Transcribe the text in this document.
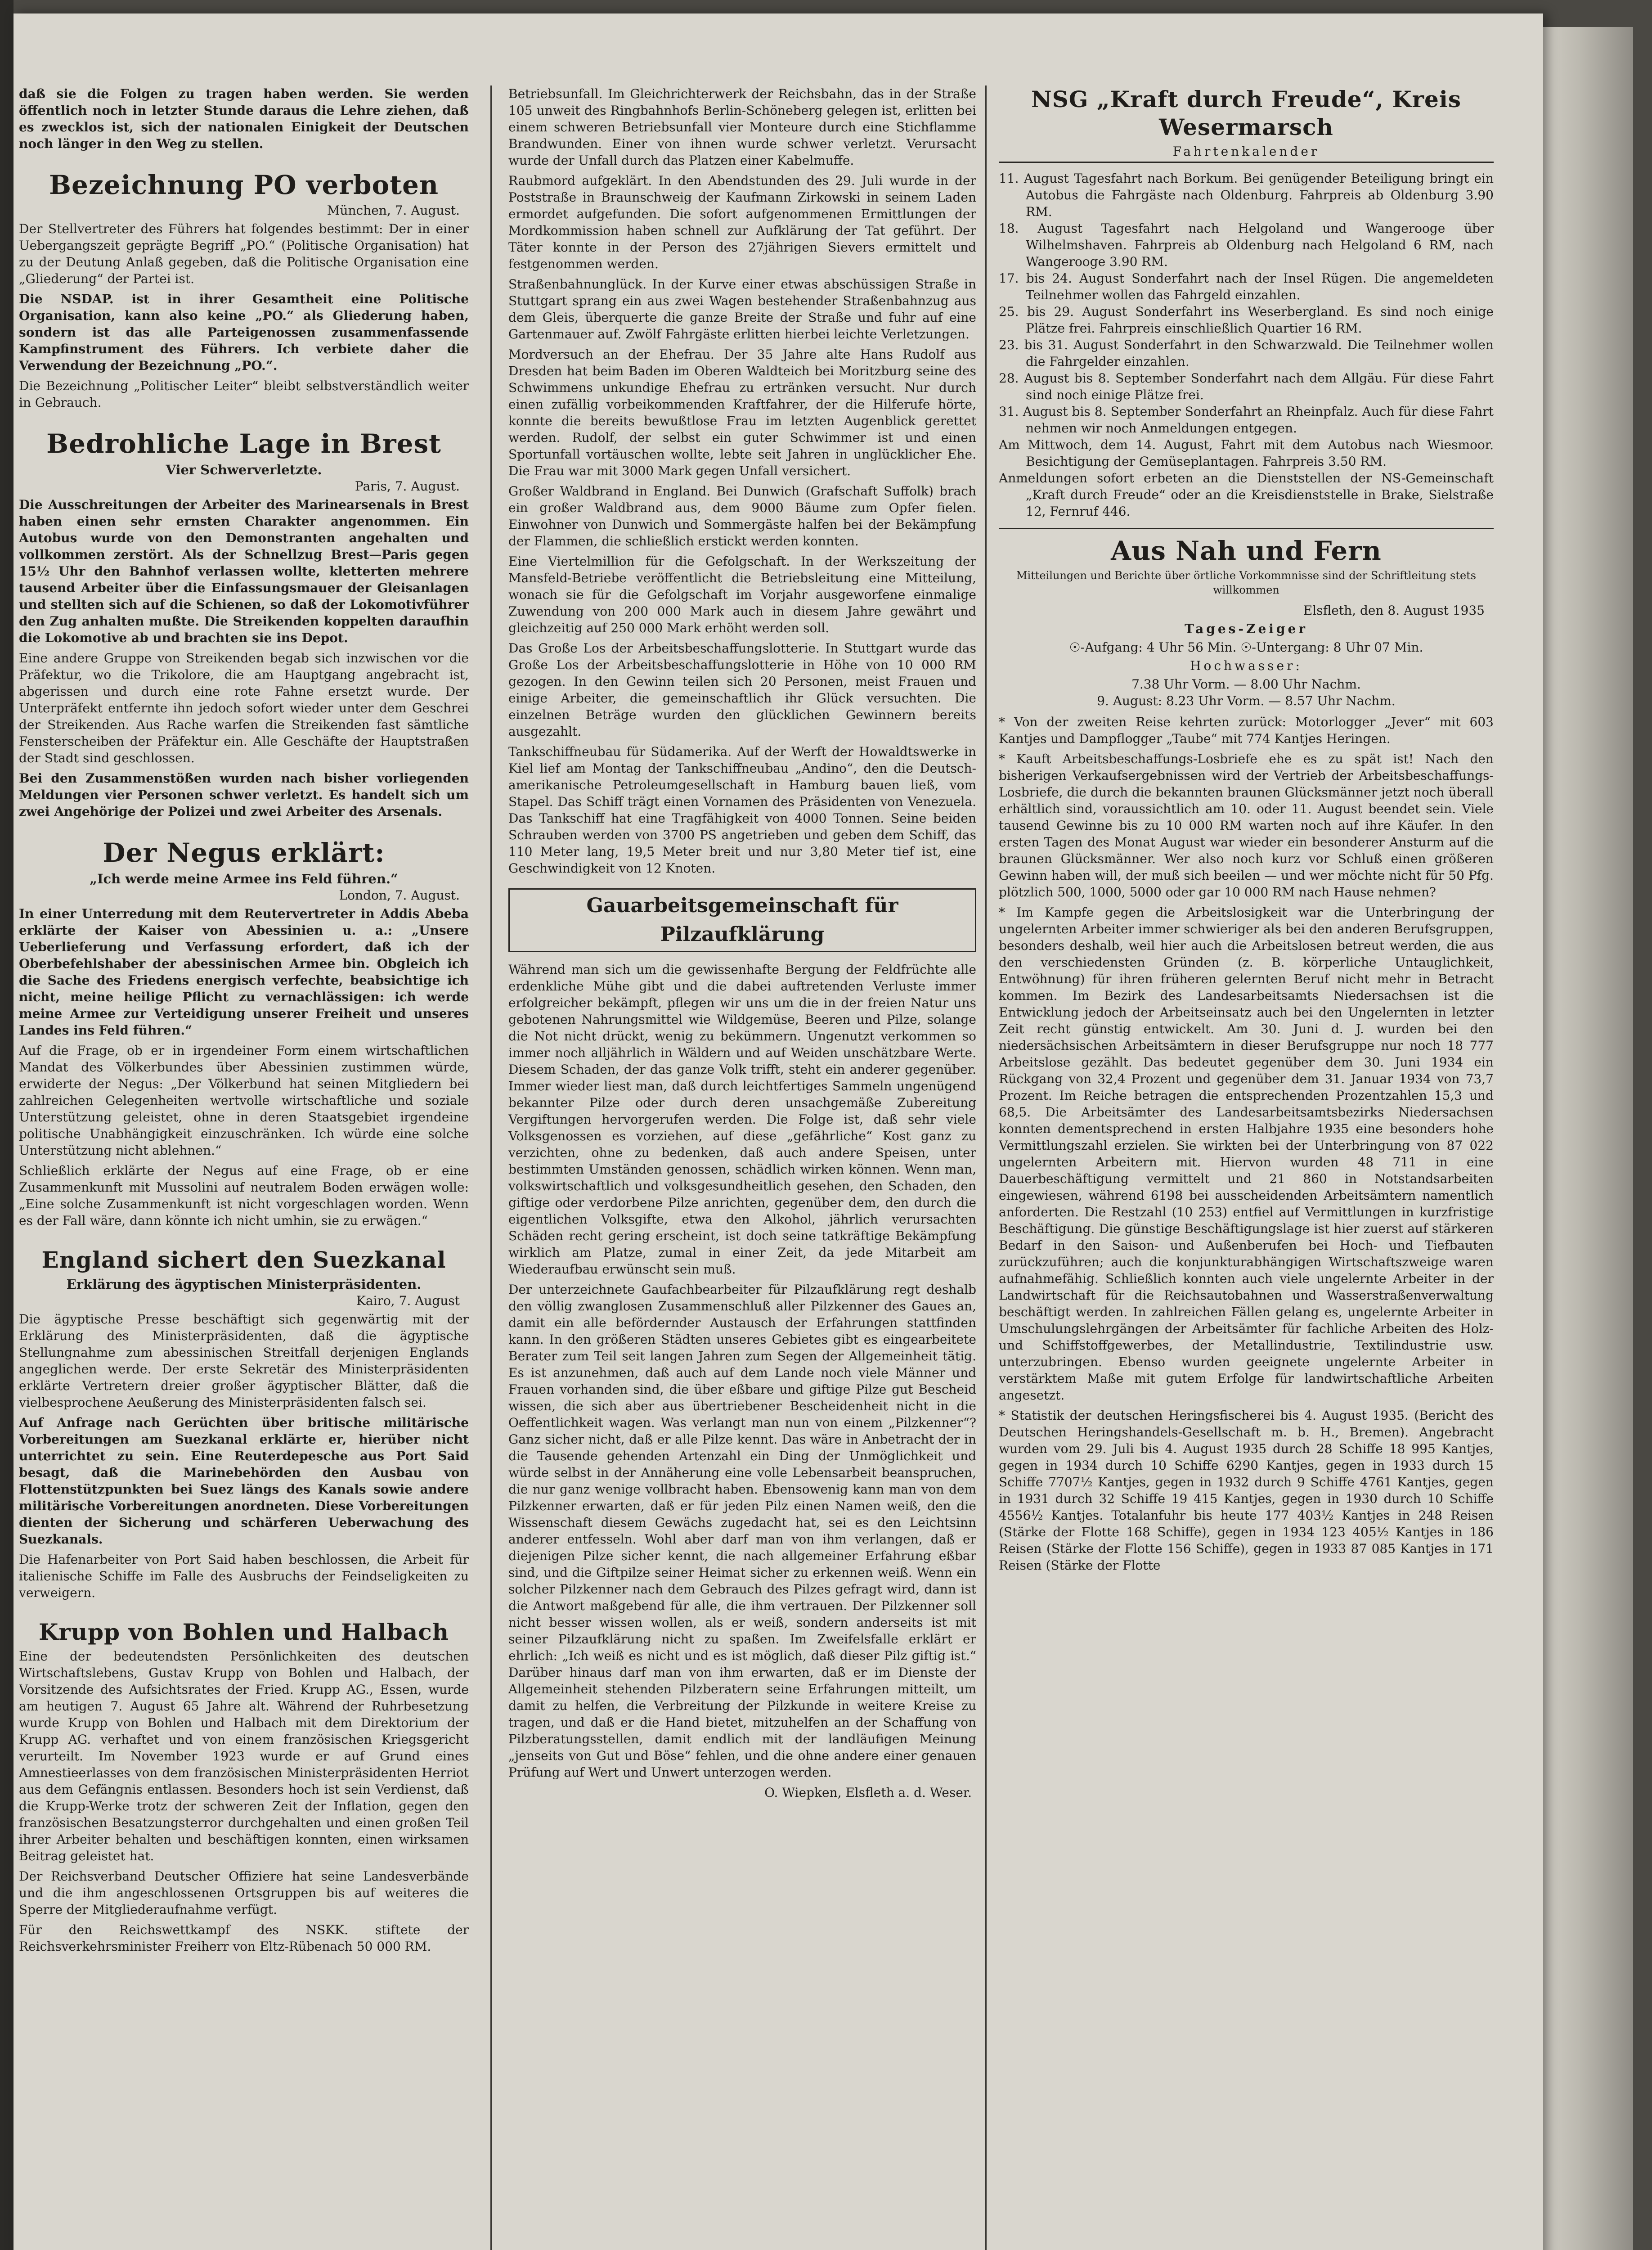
daß sie die Folgen zu tragen haben werden. Sie werden öffentlich noch in letzter Stunde daraus die Lehre ziehen, daß es zwecklos ist, sich der nationalen Einigkeit der Deutschen noch länger in den Weg zu stellen.

Bezeichnung PO verboten
München, 7. August.

Der Stellvertreter des Führers hat folgendes bestimmt: Der in einer Uebergangszeit geprägte Begriff „PO.“ (Politische Organisation) hat zu der Deutung Anlaß gegeben, daß die Politische Organisation eine „Gliederung“ der Partei ist.

Die NSDAP. ist in ihrer Gesamtheit eine Politische Organisation, kann also keine „PO.“ als Gliederung haben, sondern ist das alle Parteigenossen zusammenfassende Kampfinstrument des Führers. Ich verbiete daher die Verwendung der Bezeichnung „PO.“.

Die Bezeichnung „Politischer Leiter“ bleibt selbstverständlich weiter in Gebrauch.

Bedrohliche Lage in Brest
Vier Schwerverletzte.
Paris, 7. August.

Die Ausschreitungen der Arbeiter des Marinearsenals in Brest haben einen sehr ernsten Charakter angenommen. Ein Autobus wurde von den Demonstranten angehalten und vollkommen zerstört. Als der Schnellzug Brest—Paris gegen 15½ Uhr den Bahnhof verlassen wollte, kletterten mehrere tausend Arbeiter über die Einfassungsmauer der Gleisanlagen und stellten sich auf die Schienen, so daß der Lokomotivführer den Zug anhalten mußte. Die Streikenden koppelten daraufhin die Lokomotive ab und brachten sie ins Depot.

Eine andere Gruppe von Streikenden begab sich inzwischen vor die Präfektur, wo die Trikolore, die am Hauptgang angebracht ist, abgerissen und durch eine rote Fahne ersetzt wurde. Der Unterpräfekt entfernte ihn jedoch sofort wieder unter dem Geschrei der Streikenden. Aus Rache warfen die Streikenden fast sämtliche Fensterscheiben der Präfektur ein. Alle Geschäfte der Hauptstraßen der Stadt sind geschlossen.

Bei den Zusammenstößen wurden nach bisher vorliegenden Meldungen vier Personen schwer verletzt. Es handelt sich um zwei Angehörige der Polizei und zwei Arbeiter des Arsenals.

Der Negus erklärt:
„Ich werde meine Armee ins Feld führen.“
London, 7. August.

In einer Unterredung mit dem Reutervertreter in Addis Abeba erklärte der Kaiser von Abessinien u. a.: „Unsere Ueberlieferung und Verfassung erfordert, daß ich der Oberbefehlshaber der abessinischen Armee bin. Obgleich ich die Sache des Friedens energisch verfechte, beabsichtige ich nicht, meine heilige Pflicht zu vernachlässigen: ich werde meine Armee zur Verteidigung unserer Freiheit und unseres Landes ins Feld führen.“

Auf die Frage, ob er in irgendeiner Form einem wirtschaftlichen Mandat des Völkerbundes über Abessinien zustimmen würde, erwiderte der Negus: „Der Völkerbund hat seinen Mitgliedern bei zahlreichen Gelegenheiten wertvolle wirtschaftliche und soziale Unterstützung geleistet, ohne in deren Staatsgebiet irgendeine politische Unabhängigkeit einzuschränken. Ich würde eine solche Unterstützung nicht ablehnen.“

Schließlich erklärte der Negus auf eine Frage, ob er eine Zusammenkunft mit Mussolini auf neutralem Boden erwägen wolle: „Eine solche Zusammenkunft ist nicht vorgeschlagen worden. Wenn es der Fall wäre, dann könnte ich nicht umhin, sie zu erwägen.“

England sichert den Suezkanal
Erklärung des ägyptischen Ministerpräsidenten.
Kairo, 7. August

Die ägyptische Presse beschäftigt sich gegenwärtig mit der Erklärung des Ministerpräsidenten, daß die ägyptische Stellungnahme zum abessinischen Streitfall derjenigen Englands angeglichen werde. Der erste Sekretär des Ministerpräsidenten erklärte Vertretern dreier großer ägyptischer Blätter, daß die vielbesprochene Aeußerung des Ministerpräsidenten falsch sei.

Auf Anfrage nach Gerüchten über britische militärische Vorbereitungen am Suezkanal erklärte er, hierüber nicht unterrichtet zu sein. Eine Reuterdepesche aus Port Said besagt, daß die Marinebehörden den Ausbau von Flottenstützpunkten bei Suez längs des Kanals sowie andere militärische Vorbereitungen anordneten. Diese Vorbereitungen dienten der Sicherung und schärferen Ueberwachung des Suezkanals.

Die Hafenarbeiter von Port Said haben beschlossen, die Arbeit für italienische Schiffe im Falle des Ausbruchs der Feindseligkeiten zu verweigern.

Krupp von Bohlen und Halbach

Eine der bedeutendsten Persönlichkeiten des deutschen Wirtschaftslebens, Gustav Krupp von Bohlen und Halbach, der Vorsitzende des Aufsichtsrates der Fried. Krupp AG., Essen, wurde am heutigen 7. August 65 Jahre alt. Während der Ruhrbesetzung wurde Krupp von Bohlen und Halbach mit dem Direktorium der Krupp AG. verhaftet und von einem französischen Kriegsgericht verurteilt. Im November 1923 wurde er auf Grund eines Amnestieerlasses von dem französischen Ministerpräsidenten Herriot aus dem Gefängnis entlassen. Besonders hoch ist sein Verdienst, daß die Krupp-Werke trotz der schweren Zeit der Inflation, gegen den französischen Besatzungsterror durchgehalten und einen großen Teil ihrer Arbeiter behalten und beschäftigen konnten, einen wirksamen Beitrag geleistet hat.

Der Reichsverband Deutscher Offiziere hat seine Landesverbände und die ihm angeschlossenen Ortsgruppen bis auf weiteres die Sperre der Mitgliederaufnahme verfügt.

Für den Reichswettkampf des NSKK. stiftete der Reichsverkehrsminister Freiherr von Eltz-Rübenach 50 000 RM.

Betriebsunfall. Im Gleichrichterwerk der Reichsbahn, das in der Straße 105 unweit des Ringbahnhofs Berlin-Schöneberg gelegen ist, erlitten bei einem schweren Betriebsunfall vier Monteure durch eine Stichflamme Brandwunden. Einer von ihnen wurde schwer verletzt. Verursacht wurde der Unfall durch das Platzen einer Kabelmuffe.

Raubmord aufgeklärt. In den Abendstunden des 29. Juli wurde in der Poststraße in Braunschweig der Kaufmann Zirkowski in seinem Laden ermordet aufgefunden. Die sofort aufgenommenen Ermittlungen der Mordkommission haben schnell zur Aufklärung der Tat geführt. Der Täter konnte in der Person des 27jährigen Sievers ermittelt und festgenommen werden.

Straßenbahnunglück. In der Kurve einer etwas abschüssigen Straße in Stuttgart sprang ein aus zwei Wagen bestehender Straßenbahnzug aus dem Gleis, überquerte die ganze Breite der Straße und fuhr auf eine Gartenmauer auf. Zwölf Fahrgäste erlitten hierbei leichte Verletzungen.

Mordversuch an der Ehefrau. Der 35 Jahre alte Hans Rudolf aus Dresden hat beim Baden im Oberen Waldteich bei Moritzburg seine des Schwimmens unkundige Ehefrau zu ertränken versucht. Nur durch einen zufällig vorbeikommenden Kraftfahrer, der die Hilferufe hörte, konnte die bereits bewußtlose Frau im letzten Augenblick gerettet werden. Rudolf, der selbst ein guter Schwimmer ist und einen Sportunfall vortäuschen wollte, lebte seit Jahren in unglücklicher Ehe. Die Frau war mit 3000 Mark gegen Unfall versichert.

Großer Waldbrand in England. Bei Dunwich (Grafschaft Suffolk) brach ein großer Waldbrand aus, dem 9000 Bäume zum Opfer fielen. Einwohner von Dunwich und Sommergäste halfen bei der Bekämpfung der Flammen, die schließlich erstickt werden konnten.

Eine Viertelmillion für die Gefolgschaft. In der Werkszeitung der Mansfeld-Betriebe veröffentlicht die Betriebsleitung eine Mitteilung, wonach sie für die Gefolgschaft im Vorjahr ausgeworfene einmalige Zuwendung von 200 000 Mark auch in diesem Jahre gewährt und gleichzeitig auf 250 000 Mark erhöht werden soll.

Das Große Los der Arbeitsbeschaffungslotterie. In Stuttgart wurde das Große Los der Arbeitsbeschaffungslotterie in Höhe von 10 000 RM gezogen. In den Gewinn teilen sich 20 Personen, meist Frauen und einige Arbeiter, die gemeinschaftlich ihr Glück versuchten. Die einzelnen Beträge wurden den glücklichen Gewinnern bereits ausgezahlt.

Tankschiffneubau für Südamerika. Auf der Werft der Howaldtswerke in Kiel lief am Montag der Tankschiffneubau „Andino“, den die Deutsch-amerikanische Petroleumgesellschaft in Hamburg bauen ließ, vom Stapel. Das Schiff trägt einen Vornamen des Präsidenten von Venezuela. Das Tankschiff hat eine Tragfähigkeit von 4000 Tonnen. Seine beiden Schrauben werden von 3700 PS angetrieben und geben dem Schiff, das 110 Meter lang, 19,5 Meter breit und nur 3,80 Meter tief ist, eine Geschwindigkeit von 12 Knoten.

Gauarbeitsgemeinschaft für Pilzaufklärung

Während man sich um die gewissenhafte Bergung der Feldfrüchte alle erdenkliche Mühe gibt und die dabei auftretenden Verluste immer erfolgreicher bekämpft, pflegen wir uns um die in der freien Natur uns gebotenen Nahrungsmittel wie Wildgemüse, Beeren und Pilze, solange die Not nicht drückt, wenig zu bekümmern. Ungenutzt verkommen so immer noch alljährlich in Wäldern und auf Weiden unschätzbare Werte. Diesem Schaden, der das ganze Volk trifft, steht ein anderer gegenüber. Immer wieder liest man, daß durch leichtfertiges Sammeln ungenügend bekannter Pilze oder durch deren unsachgemäße Zubereitung Vergiftungen hervorgerufen werden. Die Folge ist, daß sehr viele Volksgenossen es vorziehen, auf diese „gefährliche“ Kost ganz zu verzichten, ohne zu bedenken, daß auch andere Speisen, unter bestimmten Umständen genossen, schädlich wirken können. Wenn man, volkswirtschaftlich und volksgesundheitlich gesehen, den Schaden, den giftige oder verdorbene Pilze anrichten, gegenüber dem, den durch die eigentlichen Volksgifte, etwa den Alkohol, jährlich verursachten Schäden recht gering erscheint, ist doch seine tatkräftige Bekämpfung wirklich am Platze, zumal in einer Zeit, da jede Mitarbeit am Wiederaufbau erwünscht sein muß.

Der unterzeichnete Gaufachbearbeiter für Pilzaufklärung regt deshalb den völlig zwanglosen Zusammenschluß aller Pilzkenner des Gaues an, damit ein alle befördernder Austausch der Erfahrungen stattfinden kann. In den größeren Städten unseres Gebietes gibt es eingearbeitete Berater zum Teil seit langen Jahren zum Segen der Allgemeinheit tätig. Es ist anzunehmen, daß auch auf dem Lande noch viele Männer und Frauen vorhanden sind, die über eßbare und giftige Pilze gut Bescheid wissen, die sich aber aus übertriebener Bescheidenheit nicht in die Oeffentlichkeit wagen. Was verlangt man nun von einem „Pilzkenner“? Ganz sicher nicht, daß er alle Pilze kennt. Das wäre in Anbetracht der in die Tausende gehenden Artenzahl ein Ding der Unmöglichkeit und würde selbst in der Annäherung eine volle Lebensarbeit beanspruchen, die nur ganz wenige vollbracht haben. Ebensowenig kann man von dem Pilzkenner erwarten, daß er für jeden Pilz einen Namen weiß, den die Wissenschaft diesem Gewächs zugedacht hat, sei es den Leichtsinn anderer entfesseln. Wohl aber darf man von ihm verlangen, daß er diejenigen Pilze sicher kennt, die nach allgemeiner Erfahrung eßbar sind, und die Giftpilze seiner Heimat sicher zu erkennen weiß. Wenn ein solcher Pilzkenner nach dem Gebrauch des Pilzes gefragt wird, dann ist die Antwort maßgebend für alle, die ihm vertrauen. Der Pilzkenner soll nicht besser wissen wollen, als er weiß, sondern anderseits ist mit seiner Pilzaufklärung nicht zu spaßen. Im Zweifelsfalle erklärt er ehrlich: „Ich weiß es nicht und es ist möglich, daß dieser Pilz giftig ist.“ Darüber hinaus darf man von ihm erwarten, daß er im Dienste der Allgemeinheit stehenden Pilzberatern seine Erfahrungen mitteilt, um damit zu helfen, die Verbreitung der Pilzkunde in weitere Kreise zu tragen, und daß er die Hand bietet, mitzuhelfen an der Schaffung von Pilzberatungsstellen, damit endlich mit der landläufigen Meinung „jenseits von Gut und Böse“ fehlen, und die ohne andere einer genauen Prüfung auf Wert und Unwert unterzogen werden.

O. Wiepken, Elsfleth a. d. Weser.
NSG „Kraft durch Freude“, Kreis Wesermarsch
Fahrtenkalender

11. August Tagesfahrt nach Borkum. Bei genügender Beteiligung bringt ein Autobus die Fahrgäste nach Oldenburg. Fahrpreis ab Oldenburg 3.90 RM.

18. August Tagesfahrt nach Helgoland und Wangerooge über Wilhelmshaven. Fahrpreis ab Oldenburg nach Helgoland 6 RM, nach Wangerooge 3.90 RM.

17. bis 24. August Sonderfahrt nach der Insel Rügen. Die angemeldeten Teilnehmer wollen das Fahrgeld einzahlen.

25. bis 29. August Sonderfahrt ins Weserbergland. Es sind noch einige Plätze frei. Fahrpreis einschließlich Quartier 16 RM.

23. bis 31. August Sonderfahrt in den Schwarzwald. Die Teilnehmer wollen die Fahrgelder einzahlen.

28. August bis 8. September Sonderfahrt nach dem Allgäu. Für diese Fahrt sind noch einige Plätze frei.

31. August bis 8. September Sonderfahrt an Rheinpfalz. Auch für diese Fahrt nehmen wir noch Anmeldungen entgegen.

Am Mittwoch, dem 14. August, Fahrt mit dem Autobus nach Wiesmoor. Besichtigung der Gemüseplantagen. Fahrpreis 3.50 RM.

Anmeldungen sofort erbeten an die Dienststellen der NS-Gemeinschaft „Kraft durch Freude“ oder an die Kreisdienststelle in Brake, Sielstraße 12, Fernruf 446.

Aus Nah und Fern
Mitteilungen und Berichte über örtliche Vorkommnisse sind der Schriftleitung stets willkommen
Elsfleth, den 8. August 1935
Tages-Zeiger
☉-Aufgang: 4 Uhr 56 Min. ☉-Untergang: 8 Uhr 07 Min.
Hochwasser:
7.38 Uhr Vorm. — 8.00 Uhr Nachm.
9. August: 8.23 Uhr Vorm. — 8.57 Uhr Nachm.

* Von der zweiten Reise kehrten zurück: Motorlogger „Jever“ mit 603 Kantjes und Dampflogger „Taube“ mit 774 Kantjes Heringen.

* Kauft Arbeitsbeschaffungs-Losbriefe ehe es zu spät ist! Nach den bisherigen Verkaufsergebnissen wird der Vertrieb der Arbeitsbeschaffungs-Losbriefe, die durch die bekannten braunen Glücksmänner jetzt noch überall erhältlich sind, voraussichtlich am 10. oder 11. August beendet sein. Viele tausend Gewinne bis zu 10 000 RM warten noch auf ihre Käufer. In den ersten Tagen des Monat August war wieder ein besonderer Ansturm auf die braunen Glücksmänner. Wer also noch kurz vor Schluß einen größeren Gewinn haben will, der muß sich beeilen — und wer möchte nicht für 50 Pfg. plötzlich 500, 1000, 5000 oder gar 10 000 RM nach Hause nehmen?

* Im Kampfe gegen die Arbeitslosigkeit war die Unterbringung der ungelernten Arbeiter immer schwieriger als bei den anderen Berufsgruppen, besonders deshalb, weil hier auch die Arbeitslosen betreut werden, die aus den verschiedensten Gründen (z. B. körperliche Untauglichkeit, Entwöhnung) für ihren früheren gelernten Beruf nicht mehr in Betracht kommen. Im Bezirk des Landesarbeitsamts Niedersachsen ist die Entwicklung jedoch der Arbeitseinsatz auch bei den Ungelernten in letzter Zeit recht günstig entwickelt. Am 30. Juni d. J. wurden bei den niedersächsischen Arbeitsämtern in dieser Berufsgruppe nur noch 18 777 Arbeitslose gezählt. Das bedeutet gegenüber dem 30. Juni 1934 ein Rückgang von 32,4 Prozent und gegenüber dem 31. Januar 1934 von 73,7 Prozent. Im Reiche betragen die entsprechenden Prozentzahlen 15,3 und 68,5. Die Arbeitsämter des Landesarbeitsamtsbezirks Niedersachsen konnten dementsprechend in ersten Halbjahre 1935 eine besonders hohe Vermittlungszahl erzielen. Sie wirkten bei der Unterbringung von 87 022 ungelernten Arbeitern mit. Hiervon wurden 48 711 in eine Dauerbeschäftigung vermittelt und 21 860 in Notstandsarbeiten eingewiesen, während 6198 bei ausscheidenden Arbeitsämtern namentlich anforderten. Die Restzahl (10 253) entfiel auf Vermittlungen in kurzfristige Beschäftigung. Die günstige Beschäftigungslage ist hier zuerst auf stärkeren Bedarf in den Saison- und Außenberufen bei Hoch- und Tiefbauten zurückzuführen; auch die konjunkturabhängigen Wirtschaftszweige waren aufnahmefähig. Schließlich konnten auch viele ungelernte Arbeiter in der Landwirtschaft für die Reichsautobahnen und Wasserstraßenverwaltung beschäftigt werden. In zahlreichen Fällen gelang es, ungelernte Arbeiter in Umschulungslehrgängen der Arbeitsämter für fachliche Arbeiten des Holz- und Schiffstoffgewerbes, der Metallindustrie, Textilindustrie usw. unterzubringen. Ebenso wurden geeignete ungelernte Arbeiter in verstärktem Maße mit gutem Erfolge für landwirtschaftliche Arbeiten angesetzt.

* Statistik der deutschen Heringsfischerei bis 4. August 1935. (Bericht des Deutschen Heringshandels-Gesellschaft m. b. H., Bremen). Angebracht wurden vom 29. Juli bis 4. August 1935 durch 28 Schiffe 18 995 Kantjes, gegen in 1934 durch 10 Schiffe 6290 Kantjes, gegen in 1933 durch 15 Schiffe 7707½ Kantjes, gegen in 1932 durch 9 Schiffe 4761 Kantjes, gegen in 1931 durch 32 Schiffe 19 415 Kantjes, gegen in 1930 durch 10 Schiffe 4556½ Kantjes. Totalanfuhr bis heute 177 403½ Kantjes in 248 Reisen (Stärke der Flotte 168 Schiffe), gegen in 1934 123 405½ Kantjes in 186 Reisen (Stärke der Flotte 156 Schiffe), gegen in 1933 87 085 Kantjes in 171 Reisen (Stärke der Flotte
